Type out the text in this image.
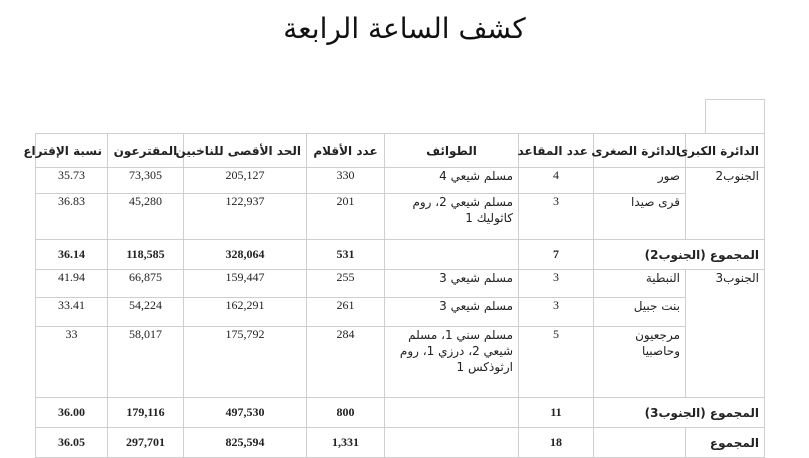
كشف الساعة الرابعة
الدائرة الكبرى	الدائرة الصغرى	عدد المقاعد	الطوائف	عدد الأقلام	الحد الأقصى للناخبين	المقترعون	نسبة الإقتراع
الجنوب2	صور	4	مسلم شيعي 4	330	205,127	73,305	35.73
	قرى صيدا	3	مسلم شيعي 2، روم كاثوليك 1	201	122,937	45,280	36.83
المجموع (الجنوب2)		7		531	328,064	118,585	36.14
الجنوب3	النبطية	3	مسلم شيعي 3	255	159,447	66,875	41.94
	بنت جبيل	3	مسلم شيعي 3	261	162,291	54,224	33.41
	مرجعيون وحاصبيا	5	مسلم سني 1، مسلم شيعي 2، درزي 1، روم ارثوذكس 1	284	175,792	58,017	33
المجموع (الجنوب3)		11		800	497,530	179,116	36.00
المجموع		18		1,331	825,594	297,701	36.05
